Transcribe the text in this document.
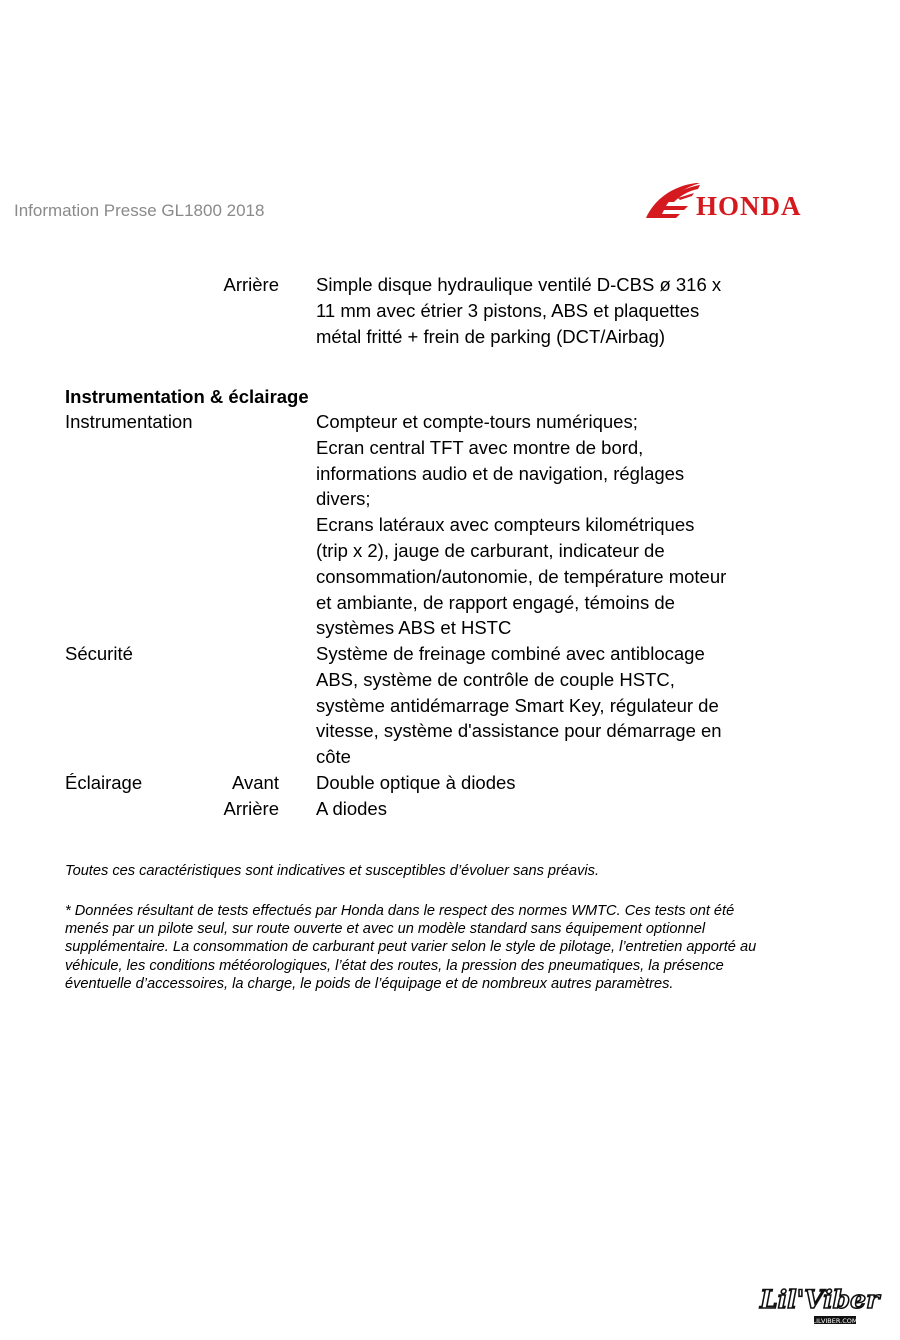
Information Presse GL1800 2018	HONDA
Arrière Simple disque hydraulique ventilé D-CBS ø 316 x
11 mm avec étrier 3 pistons, ABS et plaquettes
métal fritté + frein de parking (DCT/Airbag)
Instrumentation & éclairage
Instrumentation	Compteur et compte-tours numériques;
Ecran central TFT avec montre de bord,
informations audio et de navigation, réglages
divers;
Ecrans latéraux avec compteurs kilométriques
(trip x 2), jauge de carburant, indicateur de
consommation/autonomie, de température moteur
et ambiante, de rapport engagé, témoins de
systèmes ABS et HSTC
Sécurité	Système de freinage combiné avec antiblocage
ABS, système de contrôle de couple HSTC,
système antidémarrage Smart Key, régulateur de
vitesse, système d'assistance pour démarrage en
côte
Éclairage	Avant Double optique à diodes
Arrière A diodes
Toutes ces caractéristiques sont indicatives et susceptibles d’évoluer sans préavis.
* Données résultant de tests effectués par Honda dans le respect des normes WMTC. Ces tests ont été
menés par un pilote seul, sur route ouverte et avec un modèle standard sans équipement optionnel
supplémentaire. La consommation de carburant peut varier selon le style de pilotage, l’entretien apporté au
véhicule, les conditions météorologiques, l’état des routes, la pression des pneumatiques, la présence
éventuelle d’accessoires, la charge, le poids de l’équipage et de nombreux autres paramètres.
Lil'Viber
LILVIBER.COM
